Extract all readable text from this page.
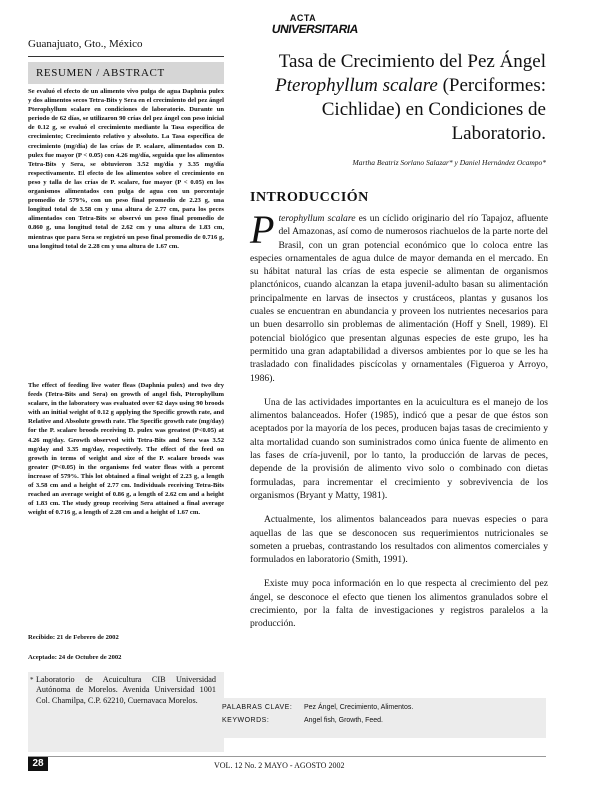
Guanajuato, Gto., México
ACTA
UNIVERSITARIA
RESUMEN / ABSTRACT
Tasa de Crecimiento del Pez Ángel
Pterophyllum scalare (Perciformes:
Cichlidae) en Condiciones de
Laboratorio.
Martha Beatriz Sorlano Salazar* y Daniel Hernández Ocampo*
Se evaluó el efecto de un alimento vivo pulga de agua Daphnia pulex y dos alimentos secos Tetra-Bits y Sera en el crecimiento del pez ángel Pterophyllum scalare en condiciones de laboratorio. Durante un periodo de 62 días, se utilizaron 90 crías del pez ángel con peso inicial de 0.12 g, se evaluó el crecimiento mediante la Tasa específica de crecimiento; Crecimiento relativo y absoluto. La Tasa específica de crecimiento (mg/día) de las crías de P. scalare, alimentados con D. pulex fue mayor (P < 0.05) con 4.26 mg/día, seguida que los alimentos Tetra-Bits y Sera, se obtuvieron 3.52 mg/día y 3.35 mg/día respectivamente. El efecto de los alimentos sobre el crecimiento en peso y talla de las crías de P. scalare, fue mayor (P < 0.05) en los organismos alimentados con pulga de agua con un porcentaje promedio de 579%, con un peso final promedio de 2.23 g, una longitud total de 3.58 cm y una altura de 2.77 cm, para los peces alimentados con Tetra-Bits se observó un peso final promedio de 0.860 g, una longitud total de 2.62 cm y una altura de 1.83 cm, mientras que para Sera se registró un peso final promedio de 0.716 g, una longitud total de 2.28 cm y una altura de 1.67 cm.
The effect of feeding live water fleas (Daphnia pulex) and two dry feeds (Tetra-Bits and Sera) on growth of angel fish, Pterophyllum scalare, in the laboratory was evaluated over 62 days using 90 broods with an initial weight of 0.12 g applying the Specific growth rate, and Relative and Absolute growth rate. The Specific growth rate (mg/day) for the P. scalare broods receiving D. pulex was greatest (P<0.05) at 4.26 mg/day. Growth observed with Tetra-Bits and Sera was 3.52 mg/day and 3.35 mg/day, respectively. The effect of the feed on growth in terms of weight and size of the P. scalare broods was greater (P<0.05) in the organisms fed water fleas with a percent increase of 579%. This lot obtained a final weight of 2.23 g, a length of 3.58 cm and a height of 2.77 cm. Individuals receiving Tetra-Bits reached an average weight of 0.86 g, a length of 2.62 cm and a height of 1.83 cm. The study group receiving Sera attained a final average weight of 0.716 g, a length of 2.28 cm and a height of 1.67 cm.
Recibido: 21 de Febrero de 2002
Aceptado: 24 de Octubre de 2002
* Laboratorio de Acuicultura CIB Universidad Autónoma de Morelos. Avenida Universidad 1001 Col. Chamilpa, C.P. 62210, Cuernavaca Morelos.
INTRODUCCIÓN

Pterophyllum scalare es un cíclido originario del río Tapajoz, afluente del Amazonas, así como de numerosos riachuelos de la parte norte del Brasil, con un gran potencial económico que lo coloca entre las especies ornamentales de agua dulce de mayor demanda en el mercado. En su hábitat natural las crías de esta especie se alimentan de organismos planctónicos, cuando alcanzan la etapa juvenil-adulto basan su alimentación principalmente en larvas de insectos y crustáceos, plantas y gusanos los cuales se encuentran en abundancia y proveen los nutrientes necesarios para un buen desarrollo sin problemas de alimentación (Hoff y Snell, 1989). El potencial biológico que presentan algunas especies de este grupo, les ha permitido una gran adaptabilidad a diversos ambientes por lo que se les ha trasladado con finalidades piscícolas y ornamentales (Figueroa y Arroyo, 1986).

Una de las actividades importantes en la acuicultura es el manejo de los alimentos balanceados. Hofer (1985), indicó que a pesar de que éstos son aceptados por la mayoría de los peces, producen bajas tasas de crecimiento y alta mortalidad cuando son suministrados como única fuente de alimento en las fases de cría-juvenil, por lo tanto, la producción de larvas de peces, depende de la provisión de alimento vivo solo o combinado con dietas formuladas, para incrementar el crecimiento y sobrevivencia de los organismos (Bryant y Matty, 1981).

Actualmente, los alimentos balanceados para nuevas especies o para aquellas de las que se desconocen sus requerimientos nutricionales se someten a pruebas, contrastando los resultados con alimentos comerciales y formulados en laboratorio (Smith, 1991).

Existe muy poca información en lo que respecta al crecimiento del pez ángel, se desconoce el efecto que tienen los alimentos granulados sobre el crecimiento, por la falta de investigaciones y registros paralelos a la producción.

PALABRAS CLAVE:	Pez Ángel, Crecimiento, Alimentos.
KEYWORDS:	Angel fish, Growth, Feed.
28	VOL. 12 No. 2 MAYO - AGOSTO 2002
